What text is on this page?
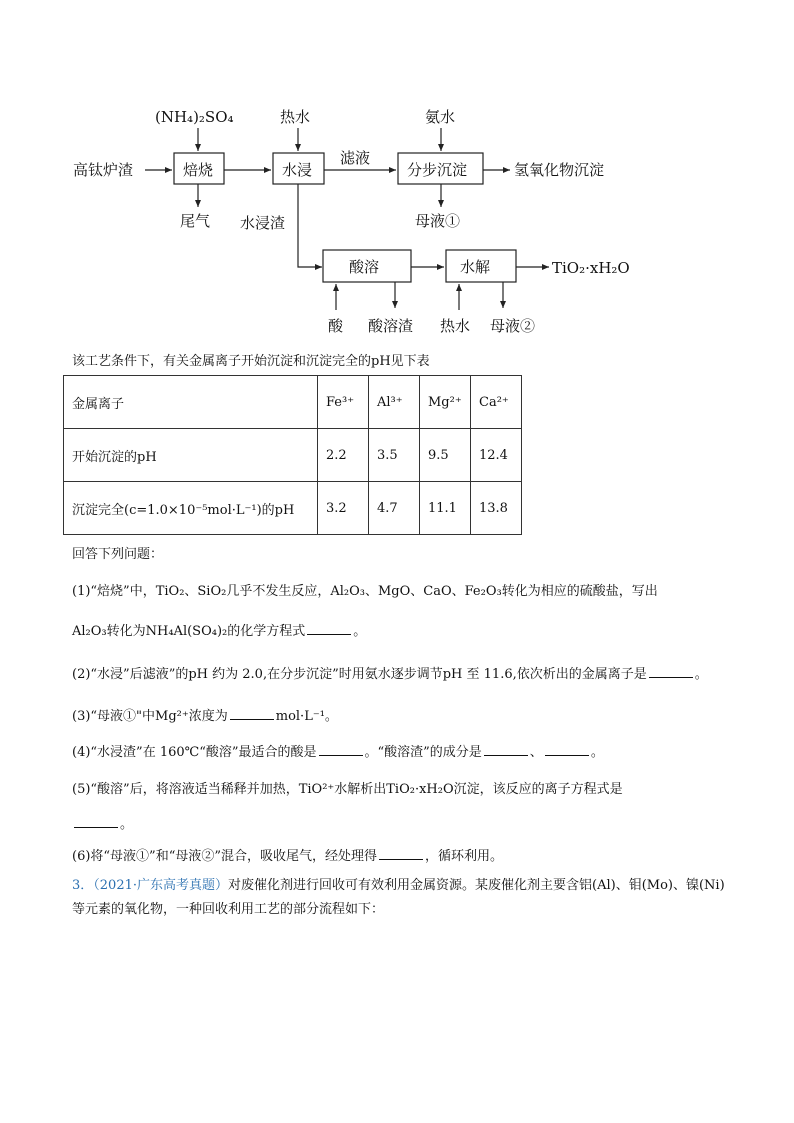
(NH₄)₂SO₄	热水	氨水
高钛炉渣	焙烧	水浸
滤液
分步沉淀	氢氧化物沉淀
尾气 水浸渣	母液①
酸溶	水解	TiO₂·xH₂O
酸 酸溶渣 热水 母液②
该工艺条件下，有关金属离子开始沉淀和沉淀完全的pH见下表
金属离子	Fe³⁺	Al³⁺	Mg²⁺	Ca²⁺
开始沉淀的pH	2.2	3.5	9.5	12.4
沉淀完全(c=1.0×10⁻⁵mol·L⁻¹)的pH	3.2	4.7	11.1	13.8
回答下列问题：
(1)“焙烧”中，TiO₂、SiO₂几乎不发生反应，Al₂O₃、MgO、CaO、Fe₂O₃转化为相应的硫酸盐，写出
Al₂O₃转化为NH₄Al(SO₄)₂的化学方程式	。
(2)“水浸”后滤液”的pH 约为 2.0,在分步沉淀”时用氨水逐步调节pH 至 11.6,依次析出的金属离子是	。
(3)“母液①"中Mg²⁺浓度为	mol·L⁻¹。
(4)“水浸渣”在 160℃“酸溶”最适合的酸是	。“酸溶渣”的成分是	、	。
(5)“酸溶”后，将溶液适当稀释并加热，TiO²⁺水解析出TiO₂·xH₂O沉淀，该反应的离子方程式是
。
(6)将“母液①”和“母液②”混合，吸收尾气，经处理得	，循环利用。
3．（2021·广东高考真题）对废催化剂进行回收可有效利用金属资源。某废催化剂主要含铝(Al)、钼(Mo)、镍(Ni)等元素的氧化物，一种回收利用工艺的部分流程如下：
